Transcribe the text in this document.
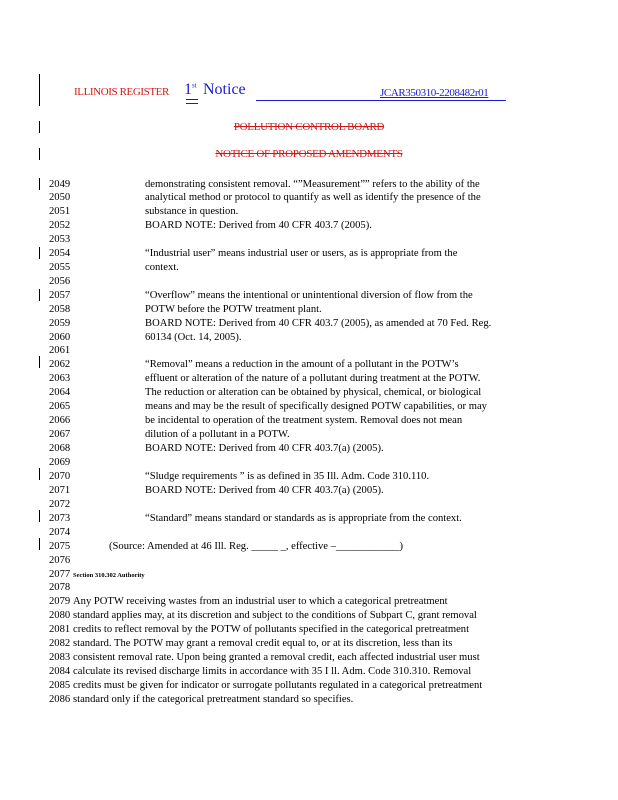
ILLINOIS REGISTER 1st Notice	JCAR350310-2208482r01
POLLUTION CONTROL BOARD
NOTICE OF PROPOSED AMENDMENTS
2049	demonstrating consistent removal. “”Measurement”” refers to the ability of the
2050	analytical method or protocol to quantify as well as identify the presence of the
2051	substance in question.
2052	BOARD NOTE: Derived from 40 CFR 403.7 (2005).
2053
2054	“Industrial user” means industrial user or users, as is appropriate from the
2055	context.
2056
2057	“Overflow” means the intentional or unintentional diversion of flow from the
2058	POTW before the POTW treatment plant.
2059	BOARD NOTE: Derived from 40 CFR 403.7 (2005), as amended at 70 Fed. Reg.
2060	60134 (Oct. 14, 2005).
2061
2062	“Removal” means a reduction in the amount of a pollutant in the POTW’s
2063	effluent or alteration of the nature of a pollutant during treatment at the POTW.
2064	The reduction or alteration can be obtained by physical, chemical, or biological
2065	means and may be the result of specifically designed POTW capabilities, or may
2066	be incidental to operation of the treatment system. Removal does not mean
2067	dilution of a pollutant in a POTW.
2068	BOARD NOTE: Derived from 40 CFR 403.7(a) (2005).
2069
2070	“Sludge requirements ” is as defined in 35 Ill. Adm. Code 310.110.
2071	BOARD NOTE: Derived from 40 CFR 403.7(a) (2005).
2072
2073	“Standard” means standard or standards as is appropriate from the context.
2074
2075	(Source: Amended at 46 Ill. Reg. _____ _, effective –____________)
2076
2077 Section 310.302 Authority
2078
2079 Any POTW receiving wastes from an industrial user to which a categorical pretreatment
2080 standard applies may, at its discretion and subject to the conditions of Subpart C, grant removal
2081 credits to reflect removal by the POTW of pollutants specified in the categorical pretreatment
2082 standard. The POTW may grant a removal credit equal to, or at its discretion, less than its
2083 consistent removal rate. Upon being granted a removal credit, each affected industrial user must
2084 calculate its revised discharge limits in accordance with 35 I ll. Adm. Code 310.310. Removal
2085 credits must be given for indicator or surrogate pollutants regulated in a categorical pretreatment
2086 standard only if the categorical pretreatment standard so specifies.
